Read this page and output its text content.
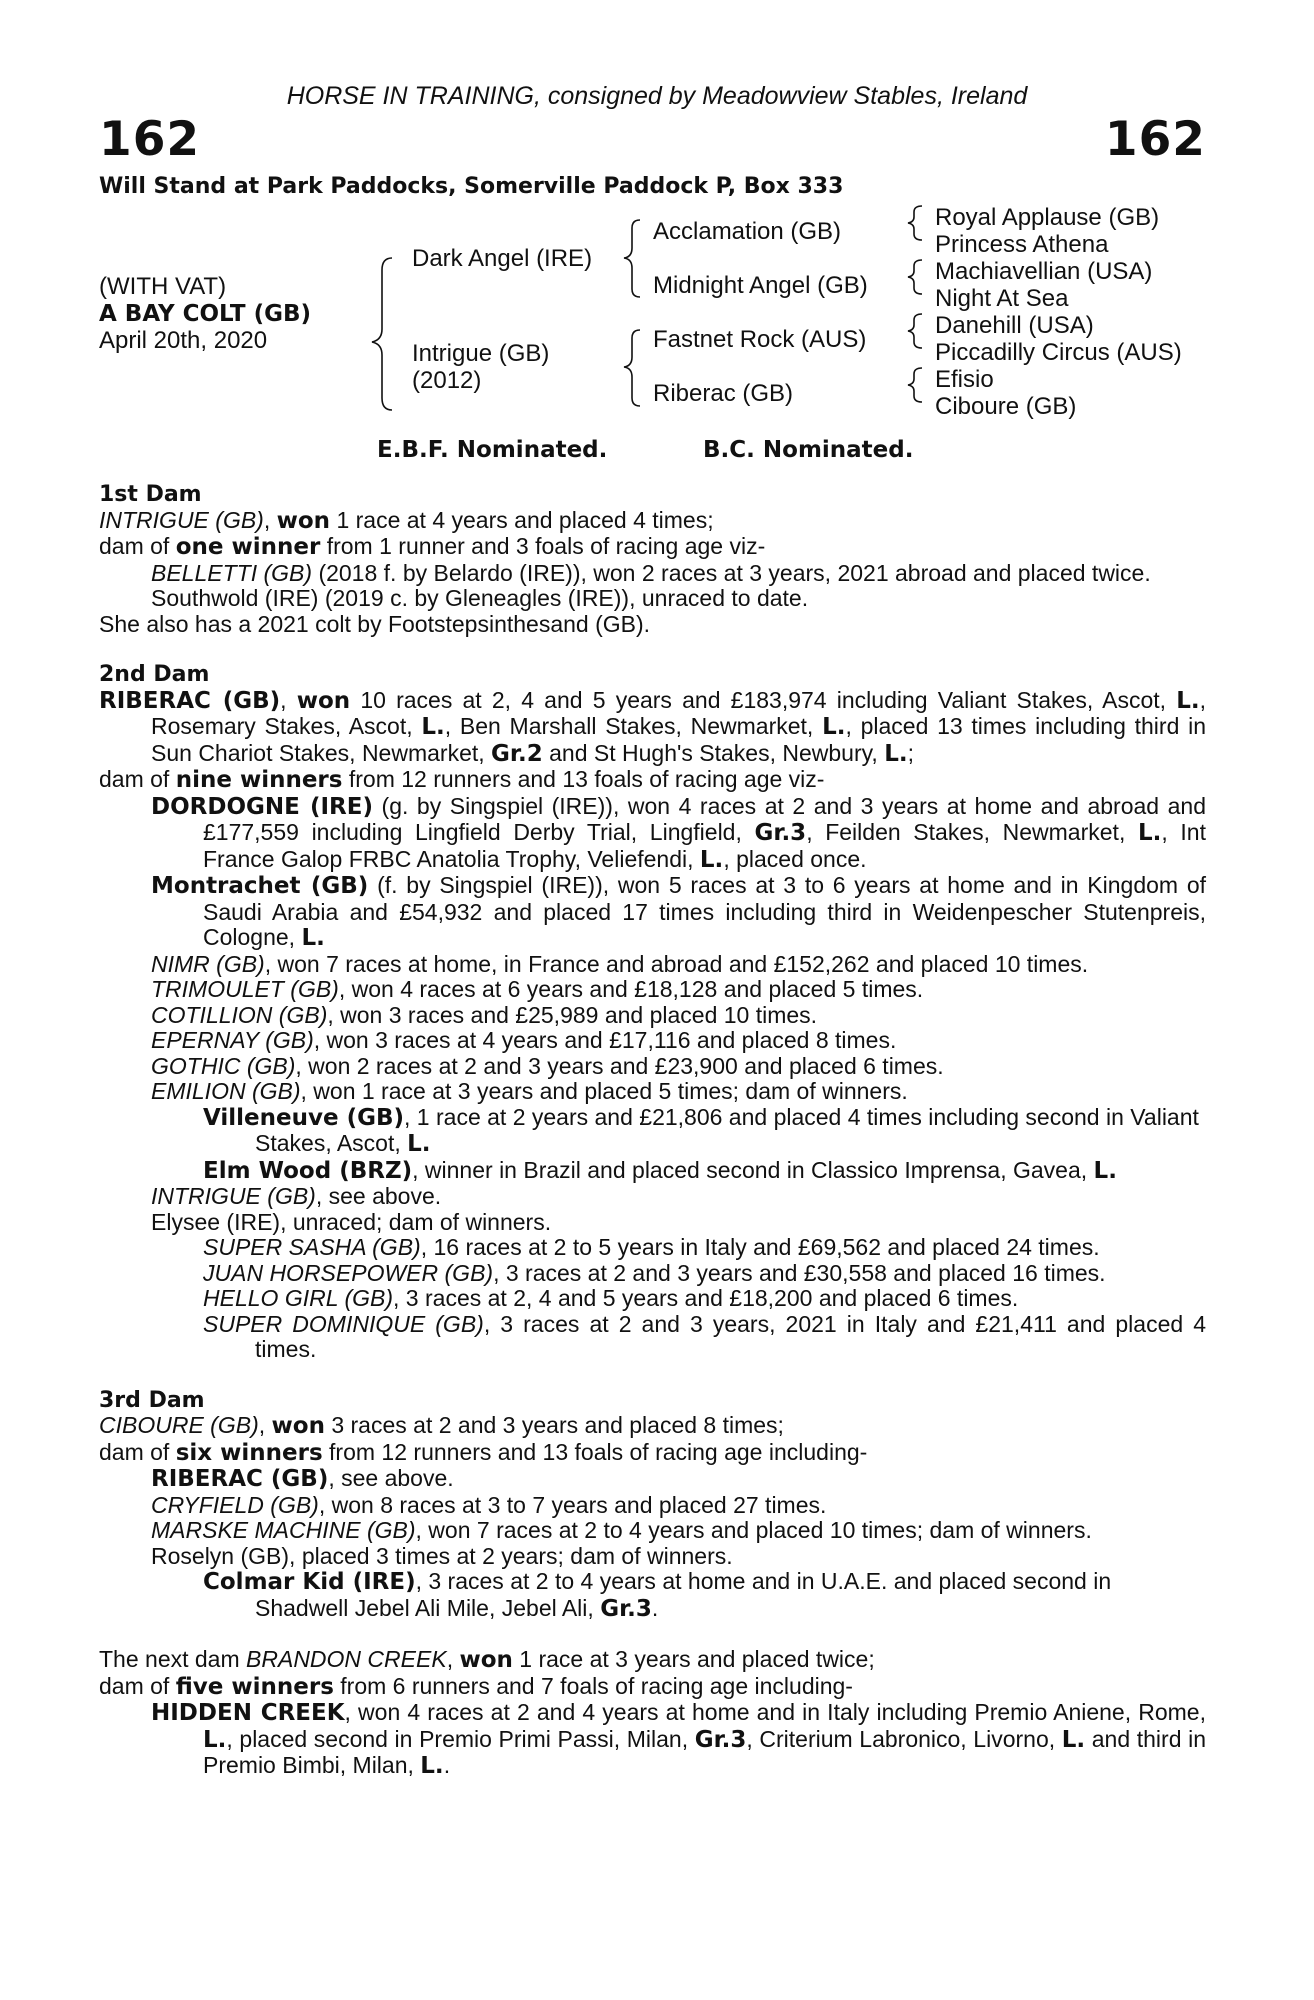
HORSE IN TRAINING, consigned by Meadowview Stables, Ireland
162	162
Will Stand at Park Paddocks, Somerville Paddock P, Box 333
(WITH VAT)
A BAY COLT (GB)
April 20th, 2020
Dark Angel (IRE)
Intrigue (GB)
(2012)
Acclamation (GB)
Midnight Angel (GB)
Fastnet Rock (AUS)
Riberac (GB)
Royal Applause (GB)
Princess Athena
Machiavellian (USA)
Night At Sea
Danehill (USA)
Piccadilly Circus (AUS)
Efisio
Ciboure (GB)
E.B.F. Nominated.	B.C. Nominated.
1st Dam

INTRIGUE (GB), won 1 race at 4 years and placed 4 times;

dam of one winner from 1 runner and 3 foals of racing age viz-

BELLETTI (GB) (2018 f. by Belardo (IRE)), won 2 races at 3 years, 2021 abroad and placed twice.

Southwold (IRE) (2019 c. by Gleneagles (IRE)), unraced to date.

She also has a 2021 colt by Footstepsinthesand (GB).

2nd Dam

RIBERAC (GB), won 10 races at 2, 4 and 5 years and £183,974 including Valiant Stakes, Ascot, L., Rosemary Stakes, Ascot, L., Ben Marshall Stakes, Newmarket, L., placed 13 times including third in Sun Chariot Stakes, Newmarket, Gr.2 and St Hugh's Stakes, Newbury, L.;

dam of nine winners from 12 runners and 13 foals of racing age viz-

DORDOGNE (IRE) (g. by Singspiel (IRE)), won 4 races at 2 and 3 years at home and abroad and £177,559 including Lingfield Derby Trial, Lingfield, Gr.3, Feilden Stakes, Newmarket, L., Int France Galop FRBC Anatolia Trophy, Veliefendi, L., placed once.

Montrachet (GB) (f. by Singspiel (IRE)), won 5 races at 3 to 6 years at home and in Kingdom of Saudi Arabia and £54,932 and placed 17 times including third in Weidenpescher Stutenpreis, Cologne, L.

NIMR (GB), won 7 races at home, in France and abroad and £152,262 and placed 10 times.

TRIMOULET (GB), won 4 races at 6 years and £18,128 and placed 5 times.

COTILLION (GB), won 3 races and £25,989 and placed 10 times.

EPERNAY (GB), won 3 races at 4 years and £17,116 and placed 8 times.

GOTHIC (GB), won 2 races at 2 and 3 years and £23,900 and placed 6 times.

EMILION (GB), won 1 race at 3 years and placed 5 times; dam of winners.

Villeneuve (GB), 1 race at 2 years and £21,806 and placed 4 times including second in Valiant Stakes, Ascot, L.

Elm Wood (BRZ), winner in Brazil and placed second in Classico Imprensa, Gavea, L.

INTRIGUE (GB), see above.

Elysee (IRE), unraced; dam of winners.

SUPER SASHA (GB), 16 races at 2 to 5 years in Italy and £69,562 and placed 24 times.

JUAN HORSEPOWER (GB), 3 races at 2 and 3 years and £30,558 and placed 16 times.

HELLO GIRL (GB), 3 races at 2, 4 and 5 years and £18,200 and placed 6 times.

SUPER DOMINIQUE (GB), 3 races at 2 and 3 years, 2021 in Italy and £21,411 and placed 4 times.

3rd Dam

CIBOURE (GB), won 3 races at 2 and 3 years and placed 8 times;

dam of six winners from 12 runners and 13 foals of racing age including-

RIBERAC (GB), see above.

CRYFIELD (GB), won 8 races at 3 to 7 years and placed 27 times.

MARSKE MACHINE (GB), won 7 races at 2 to 4 years and placed 10 times; dam of winners.

Roselyn (GB), placed 3 times at 2 years; dam of winners.

Colmar Kid (IRE), 3 races at 2 to 4 years at home and in U.A.E. and placed second in Shadwell Jebel Ali Mile, Jebel Ali, Gr.3.

The next dam BRANDON CREEK, won 1 race at 3 years and placed twice;

dam of five winners from 6 runners and 7 foals of racing age including-

HIDDEN CREEK, won 4 races at 2 and 4 years at home and in Italy including Premio Aniene, Rome, L., placed second in Premio Primi Passi, Milan, Gr.3, Criterium Labronico, Livorno, L. and third in Premio Bimbi, Milan, L..
